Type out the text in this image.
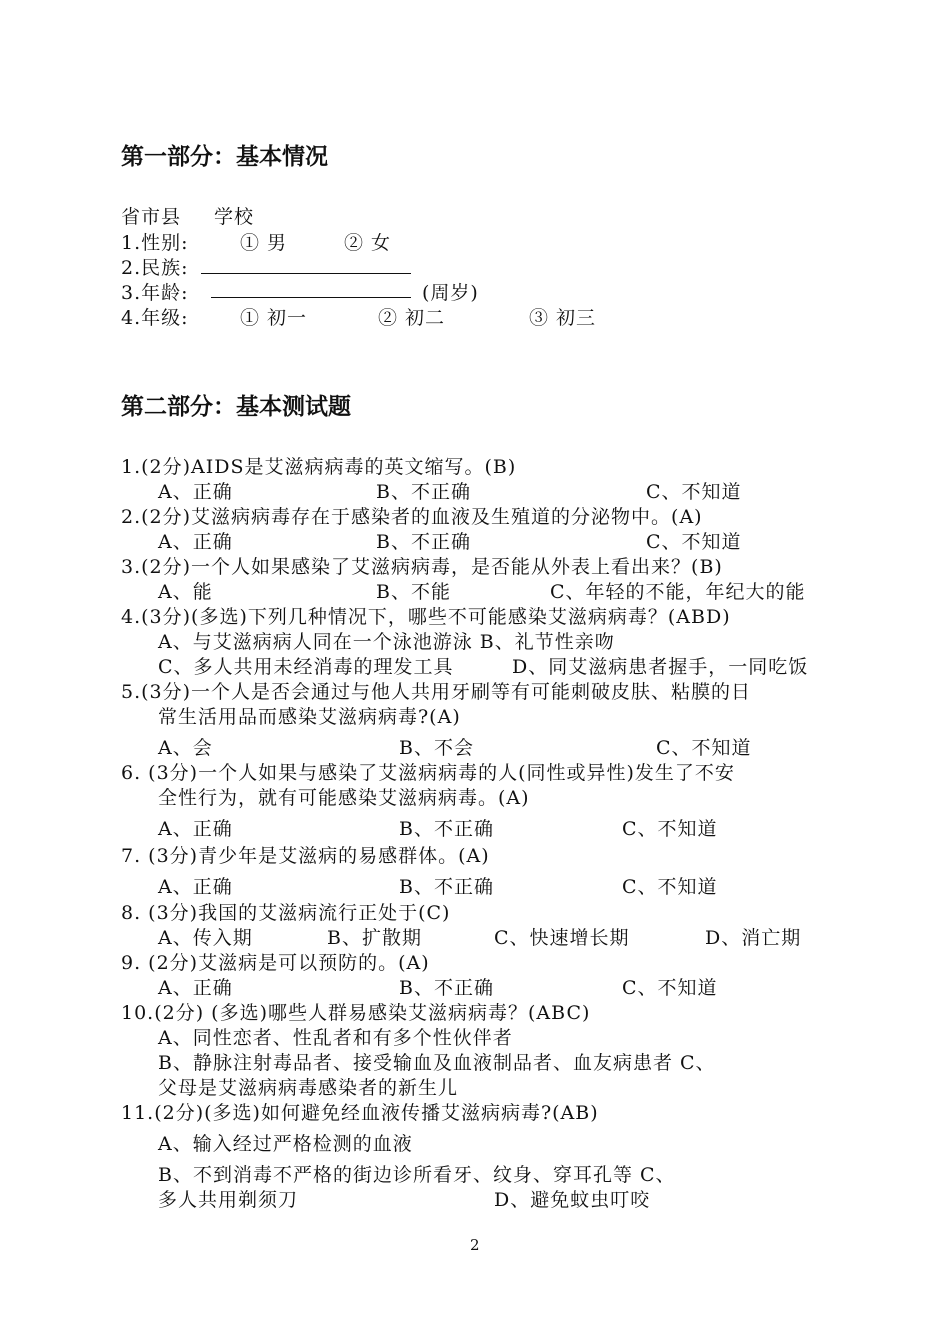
第一部分：基本情况
省市县 学校
1.性别:	① 男	② 女
2.民族:
3.年龄:	(周岁)
4.年级:	① 初一	② 初二	③ 初三
第二部分：基本测试题
1.(2分)AIDS是艾滋病病毒的英文缩写。(B)
A、正确	B、不正确	C、不知道
2.(2分)艾滋病病毒存在于感染者的血液及生殖道的分泌物中。(A)
A、正确	B、不正确	C、不知道
3.(2分)一个人如果感染了艾滋病病毒，是否能从外表上看出来？(B)
A、能	B、不能	C、年轻的不能，年纪大的能
4.(3分)(多选)下列几种情况下，哪些不可能感染艾滋病病毒？(ABD)
A、与艾滋病病人同在一个泳池游泳 B、礼节性亲吻
C、多人共用未经消毒的理发工具	D、同艾滋病患者握手，一同吃饭
5.(3分)一个人是否会通过与他人共用牙刷等有可能刺破皮肤、粘膜的日
常生活用品而感染艾滋病病毒?(A)
A、会	B、不会	C、不知道
6. (3分)一个人如果与感染了艾滋病病毒的人(同性或异性)发生了不安
全性行为，就有可能感染艾滋病病毒。(A)
A、正确	B、不正确	C、不知道
7. (3分)青少年是艾滋病的易感群体。(A)
A、正确	B、不正确	C、不知道
8. (3分)我国的艾滋病流行正处于(C)
A、传入期	B、扩散期	C、快速增长期	D、消亡期
9. (2分)艾滋病是可以预防的。(A)
A、正确	B、不正确	C、不知道
10.(2分) (多选)哪些人群易感染艾滋病病毒？(ABC)
A、同性恋者、性乱者和有多个性伙伴者
B、静脉注射毒品者、接受输血及血液制品者、血友病患者 C、
父母是艾滋病病毒感染者的新生儿
11.(2分)(多选)如何避免经血液传播艾滋病病毒?(AB)
A、输入经过严格检测的血液
B、不到消毒不严格的街边诊所看牙、纹身、穿耳孔等 C、
多人共用剃须刀	D、避免蚊虫叮咬
2
